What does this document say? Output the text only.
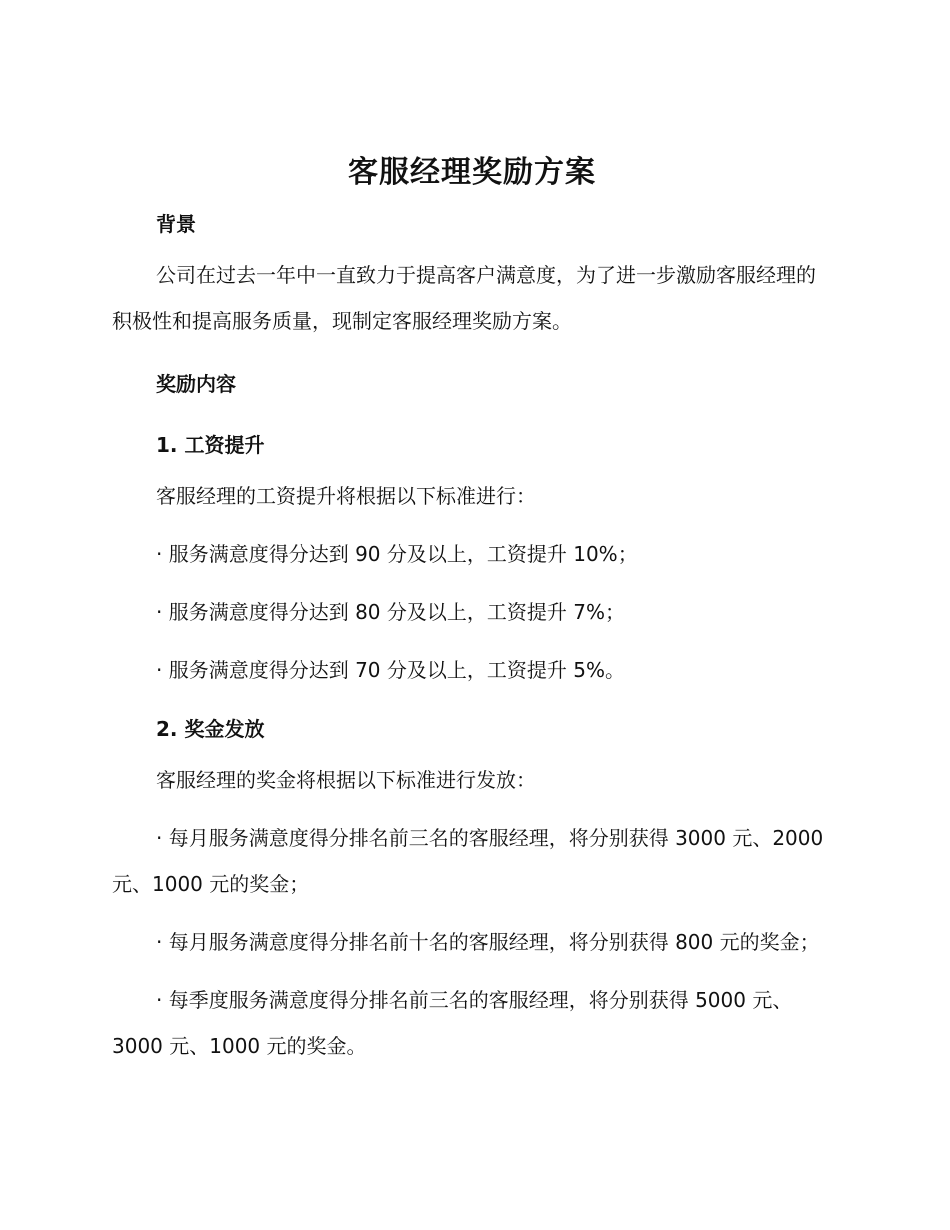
客服经理奖励方案
背景

公司在过去一年中一直致力于提高客户满意度，为了进一步激励客服经理的积极性和提高服务质量，现制定客服经理奖励方案。

奖励内容
1. 工资提升

客服经理的工资提升将根据以下标准进行：

· 服务满意度得分达到 90 分及以上，工资提升 10%；

· 服务满意度得分达到 80 分及以上，工资提升 7%；

· 服务满意度得分达到 70 分及以上，工资提升 5%。

2. 奖金发放

客服经理的奖金将根据以下标准进行发放：

· 每月服务满意度得分排名前三名的客服经理，将分别获得 3000 元、2000 元、1000 元的奖金；

· 每月服务满意度得分排名前十名的客服经理，将分别获得 800 元的奖金；

· 每季度服务满意度得分排名前三名的客服经理，将分别获得 5000 元、3000 元、1000 元的奖金。
